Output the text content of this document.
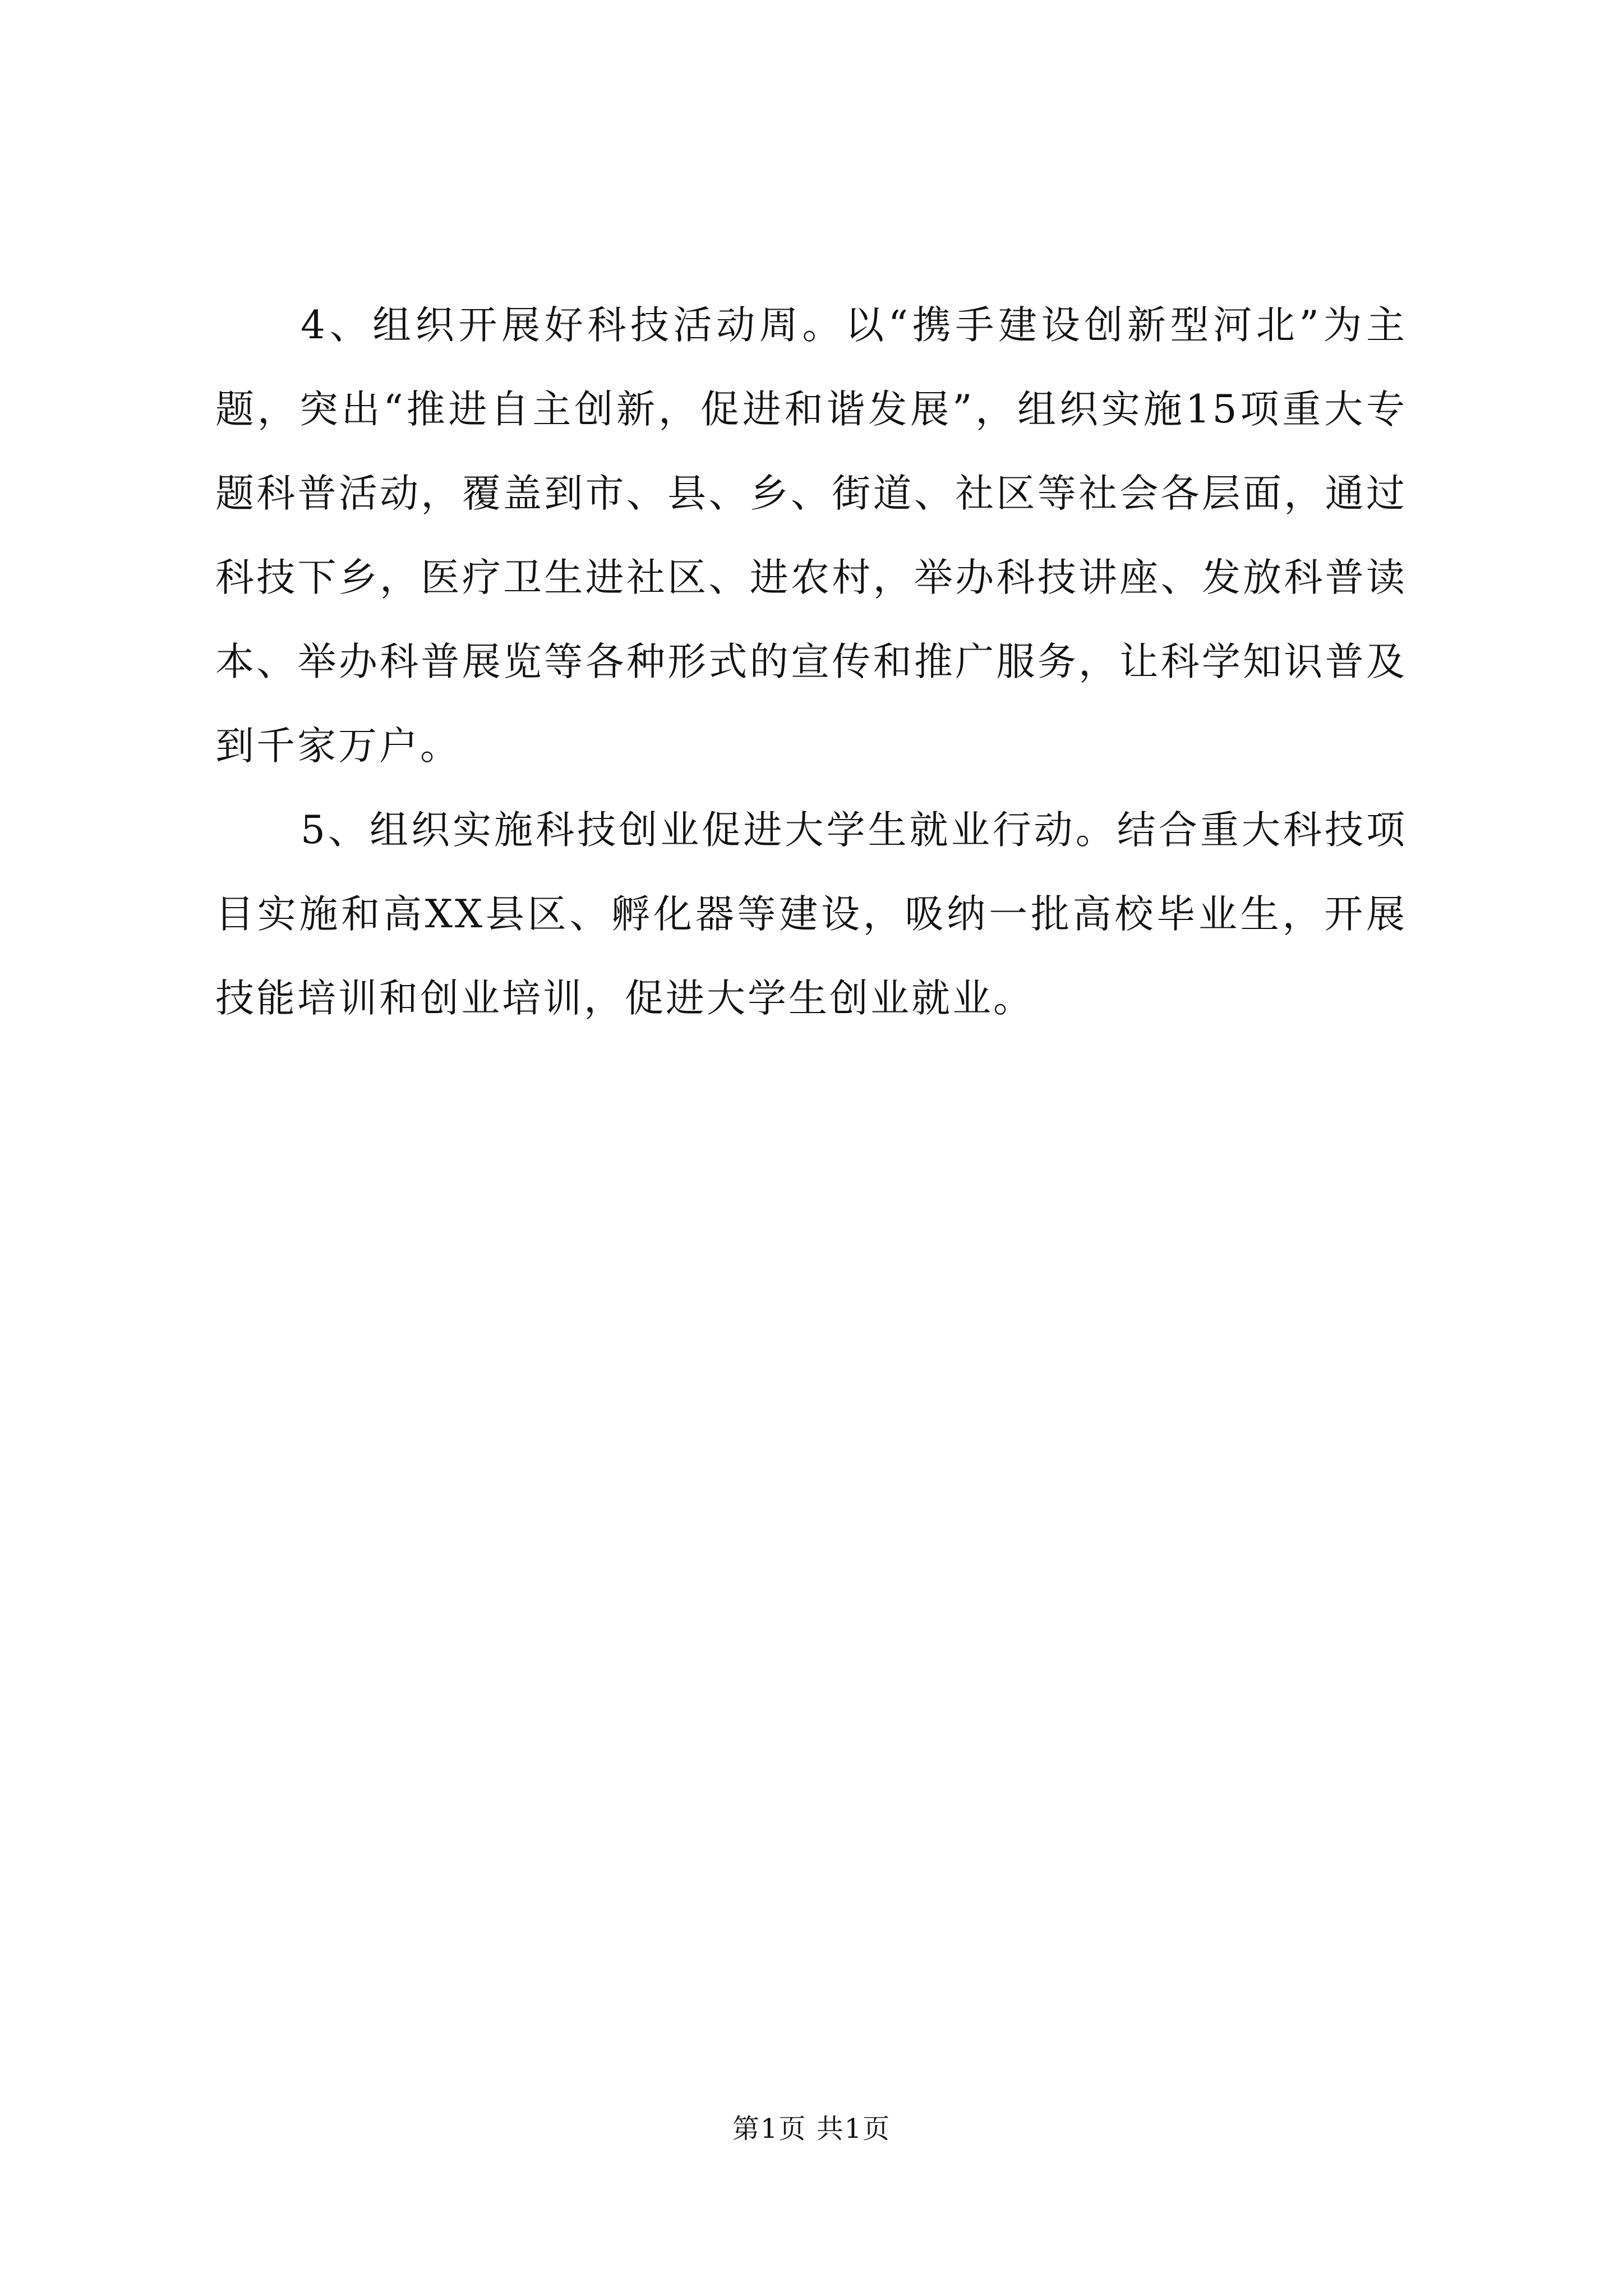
4、组织开展好科技活动周。以“携手建设创新型河北”为主题，突出“推进自主创新，促进和谐发展”，组织实施15项重大专题科普活动，覆盖到市、县、乡、街道、社区等社会各层面，通过科技下乡，医疗卫生进社区、进农村，举办科技讲座、发放科普读本、举办科普展览等各种形式的宣传和推广服务，让科学知识普及到千家万户。

5、组织实施科技创业促进大学生就业行动。结合重大科技项目实施和高XX县区、孵化器等建设，吸纳一批高校毕业生，开展技能培训和创业培训，促进大学生创业就业。

第1页 共1页
